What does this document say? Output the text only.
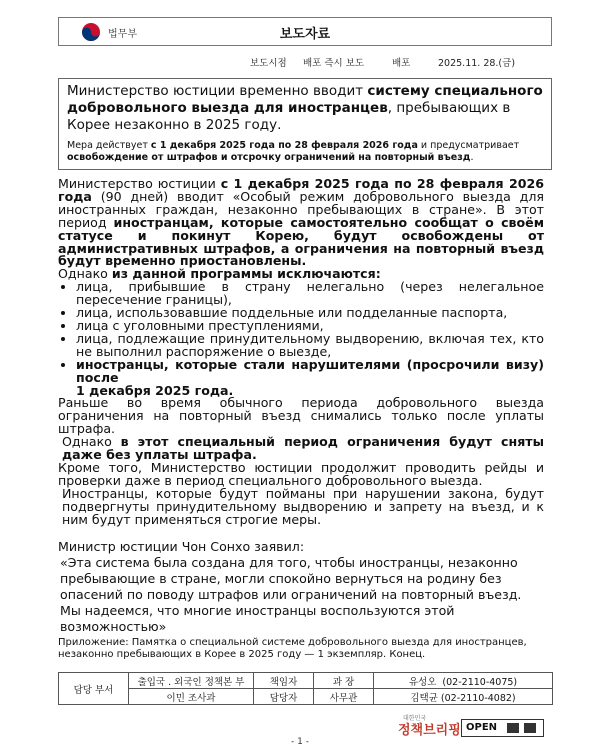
법무부	보도자료
보도시점 배포 즉시 보도	배포	2025.11. 28.(금)
Министерство юстиции временно вводит систему специального добровольного выезда для иностранцев, пребывающих в Корее незаконно в 2025 году.
Мера действует с 1 декабря 2025 года по 28 февраля 2026 года и предусматривает освобождение от штрафов и отсрочку ограничений на повторный въезд.

Министерство юстиции с 1 декабря 2025 года по 28 февраля 2026 года (90 дней) вводит «Особый режим добровольного выезда для иностранных граждан, незаконно пребывающих в стране». В этот период иностранцам, которые самостоятельно сообщат о своём статусе и покинут Корею, будут освобождены от административных штрафов, а ограничения на повторный въезд будут временно приостановлены.

Однако из данной программы исключаются:

• лица, прибывшие в страну нелегально (через нелегальное пересечение границы),
• лица, использовавшие поддельные или подделанные паспорта,
• лица с уголовными преступлениями,
• лица, подлежащие принудительному выдворению, включая тех, кто не выполнил распоряжение о выезде,
• иностранцы, которые стали нарушителями (просрочили визу) после

1 декабря 2025 года.

Раньше во время обычного периода добровольного выезда ограничения на повторный въезд снимались только после уплаты штрафа.

Однако в этот специальный период ограничения будут сняты даже без уплаты штрафа.

Кроме того, Министерство юстиции продолжит проводить рейды и проверки даже в период специального добровольного выезда.

Иностранцы, которые будут пойманы при нарушении закона, будут подвергнуты принудительному выдворению и запрету на въезд, и к ним будут применяться строгие меры.

Министр юстиции Чон Сонхо заявил:

«Эта система была создана для того, чтобы иностранцы, незаконно пребывающие в стране, могли спокойно вернуться на родину без опасений по поводу штрафов или ограничений на повторный въезд. Мы надеемся, что многие иностранцы воспользуются этой возможностью»

Приложение: Памятка о специальной системе добровольного выезда для иностранцев, незаконно пребывающих в Корее в 2025 году — 1 экземпляр. Конец.
담당 부서	출입국 . 외국인 정책본 부	책임자	과 장	유성오 (02-2110-4075)
	이민 조사과	담당자	사무관	김택균 (02-2110-4082)
대한민국
정책브리핑 OPEN
- 1 -
